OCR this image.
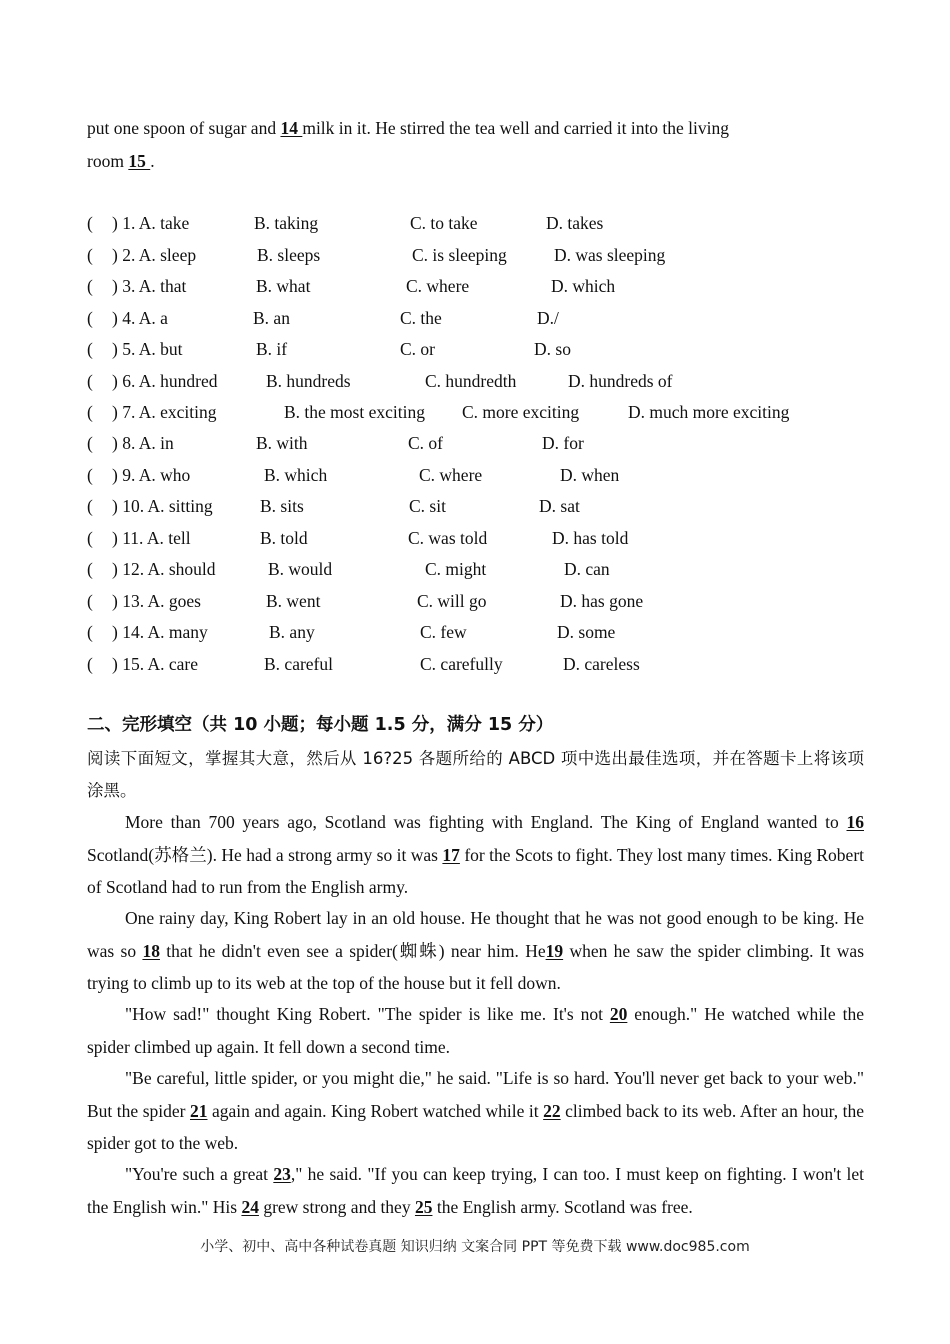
put one spoon of sugar and 14 milk in it. He stirred the tea well and carried it into the living
room 15 .
( ) 1. A. take	B. taking	C. to take	D. takes
( ) 2. A. sleep	B. sleeps	C. is sleeping	D. was sleeping
( ) 3. A. that	B. what	C. where	D. which
( ) 4. A. a	B. an	C. the	D./
( ) 5. A. but	B. if	C. or	D. so
( ) 6. A. hundred	B. hundreds	C. hundredth	D. hundreds of
( ) 7. A. exciting	B. the most exciting C. more exciting	D. much more exciting
( ) 8. A. in	B. with	C. of	D. for
( ) 9. A. who	B. which	C. where	D. when
( ) 10. A. sitting	B. sits	C. sit	D. sat
( ) 11. A. tell	B. told	C. was told	D. has told
( ) 12. A. should	B. would	C. might	D. can
( ) 13. A. goes	B. went	C. will go	D. has gone
( ) 14. A. many	B. any	C. few	D. some
( ) 15. A. care	B. careful	C. carefully	D. careless
二、完形填空（共 10 小题；每小题 1.5 分，满分 15 分）
阅读下面短文，掌握其大意，然后从 16?25 各题所给的 ABCD 项中选出最佳选项，并在答题卡上将该项涂黑。
More than 700 years ago, Scotland was fighting with England. The King of England wanted to 16 Scotland(苏格兰). He had a strong army so it was 17 for the Scots to fight. They lost many times. King Robert of Scotland had to run from the English army.
One rainy day, King Robert lay in an old house. He thought that he was not good enough to be king. He was so 18 that he didn't even see a spider(蜘蛛) near him. He19 when he saw the spider climbing. It was trying to climb up to its web at the top of the house but it fell down.
"How sad!" thought King Robert. "The spider is like me. It's not 20 enough." He watched while the spider climbed up again. It fell down a second time.
"Be careful, little spider, or you might die," he said. "Life is so hard. You'll never get back to your web." But the spider 21 again and again. King Robert watched while it 22 climbed back to its web. After an hour, the spider got to the web.
"You're such a great 23," he said. "If you can keep trying, I can too. I must keep on fighting. I won't let the English win." His 24 grew strong and they 25 the English army. Scotland was free.
小学、初中、高中各种试卷真题 知识归纳 文案合同 PPT 等免费下载 www.doc985.com
